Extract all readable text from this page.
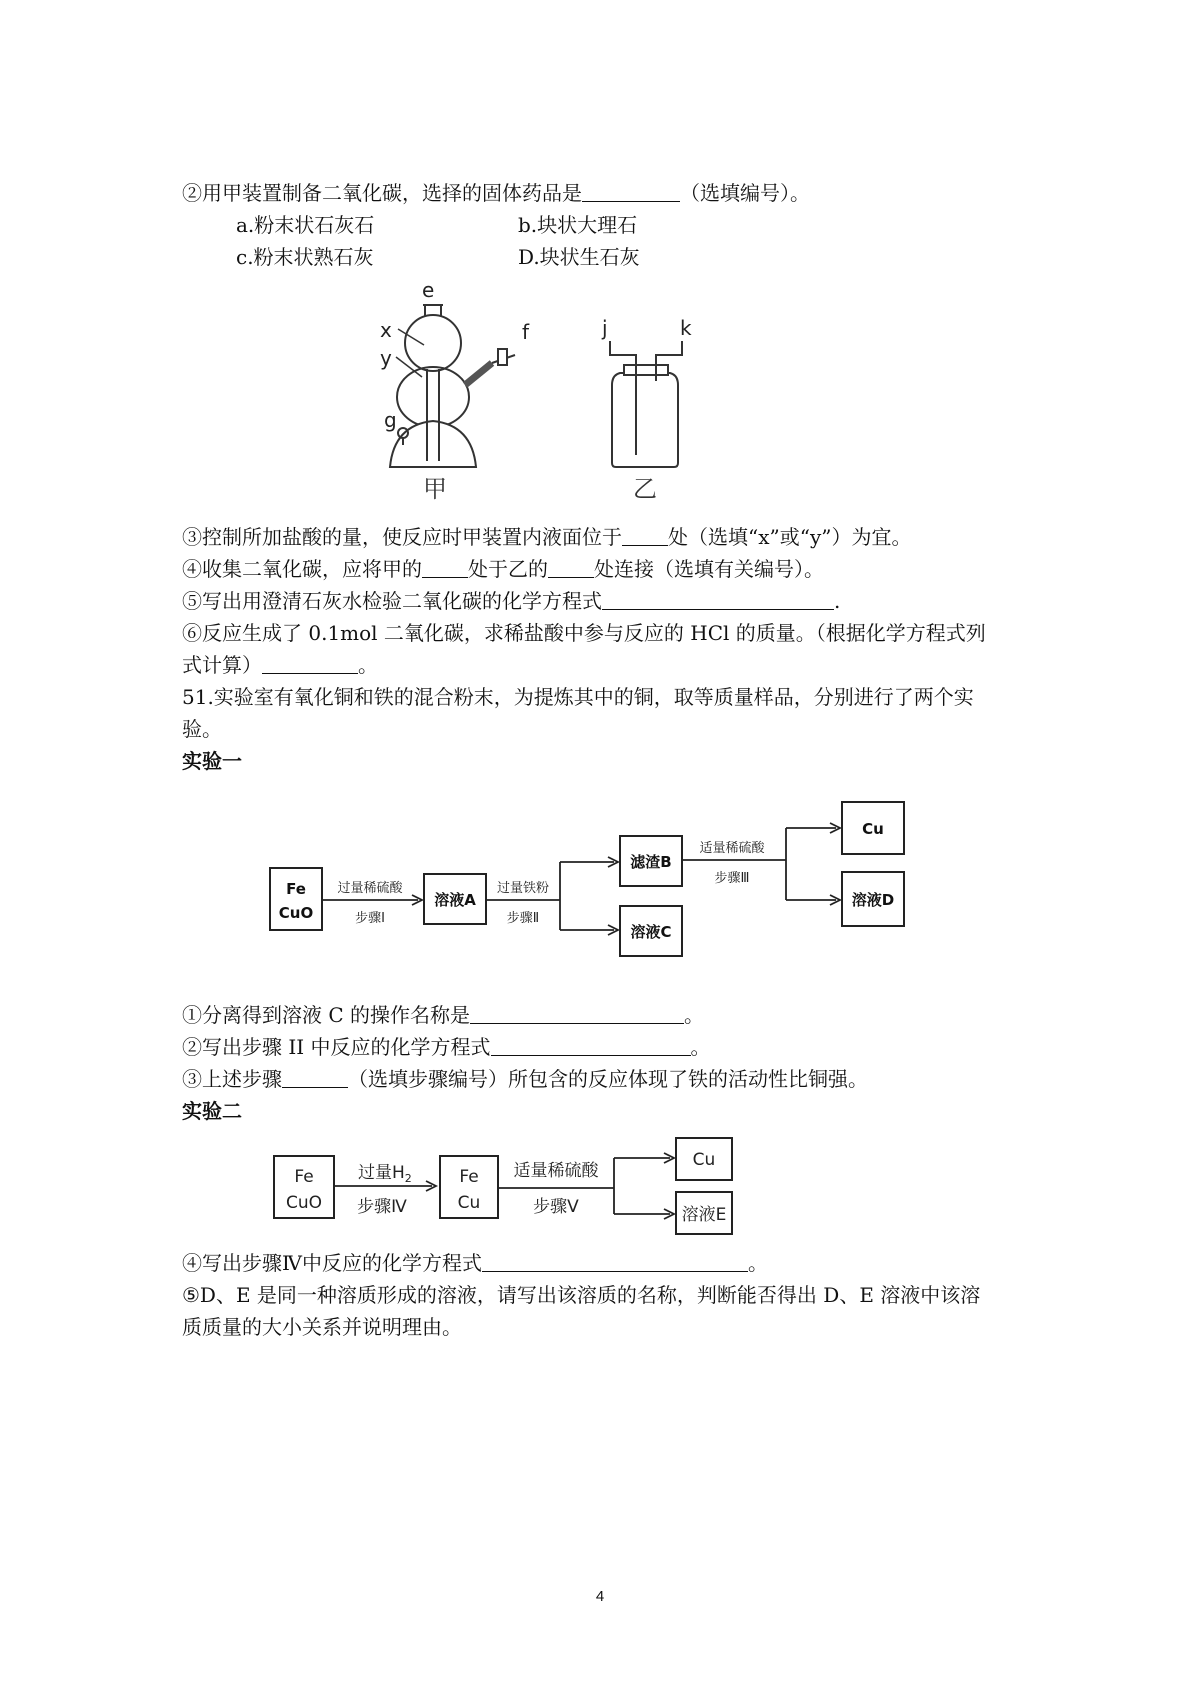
②用甲装置制备二氧化碳，选择的固体药品是	（选填编号）。
a.粉末状石灰石	b.块状大理石
c.粉末状熟石灰	D.块状生石灰
e
f
x
y
g
j	k
甲	乙
③控制所加盐酸的量，使反应时甲装置内液面位于 处（选填“x”或“y”）为宜。
④收集二氧化碳，应将甲的 处于乙的 处连接（选填有关编号）。
⑤写出用澄清石灰水检验二氧化碳的化学方程式	.
⑥反应生成了 0.1mol 二氧化碳，求稀盐酸中参与反应的 HCl 的质量。（根据化学方程式列
式计算）	。
51.实验室有氧化铜和铁的混合粉末，为提炼其中的铜，取等质量样品，分别进行了两个实
验。
实验一
Fe
CuO
溶液A
滤渣B
溶液C
Cu
溶液D
过量稀硫酸
步骤Ⅰ
过量铁粉
步骤Ⅱ
适量稀硫酸
步骤Ⅲ
①分离得到溶液 C 的操作名称是	。
②写出步骤 II 中反应的化学方程式	。
③上述步骤	（选填步骤编号）所包含的反应体现了铁的活动性比铜强。
实验二
Fe
CuO
Fe
Cu
Cu
溶液E
过量$H_2$
步骤Ⅳ
适量稀硫酸
步骤Ⅴ
④写出步骤Ⅳ中反应的化学方程式	。
⑤D、E 是同一种溶质形成的溶液，请写出该溶质的名称，判断能否得出 D、E 溶液中该溶
质质量的大小关系并说明理由。
4
